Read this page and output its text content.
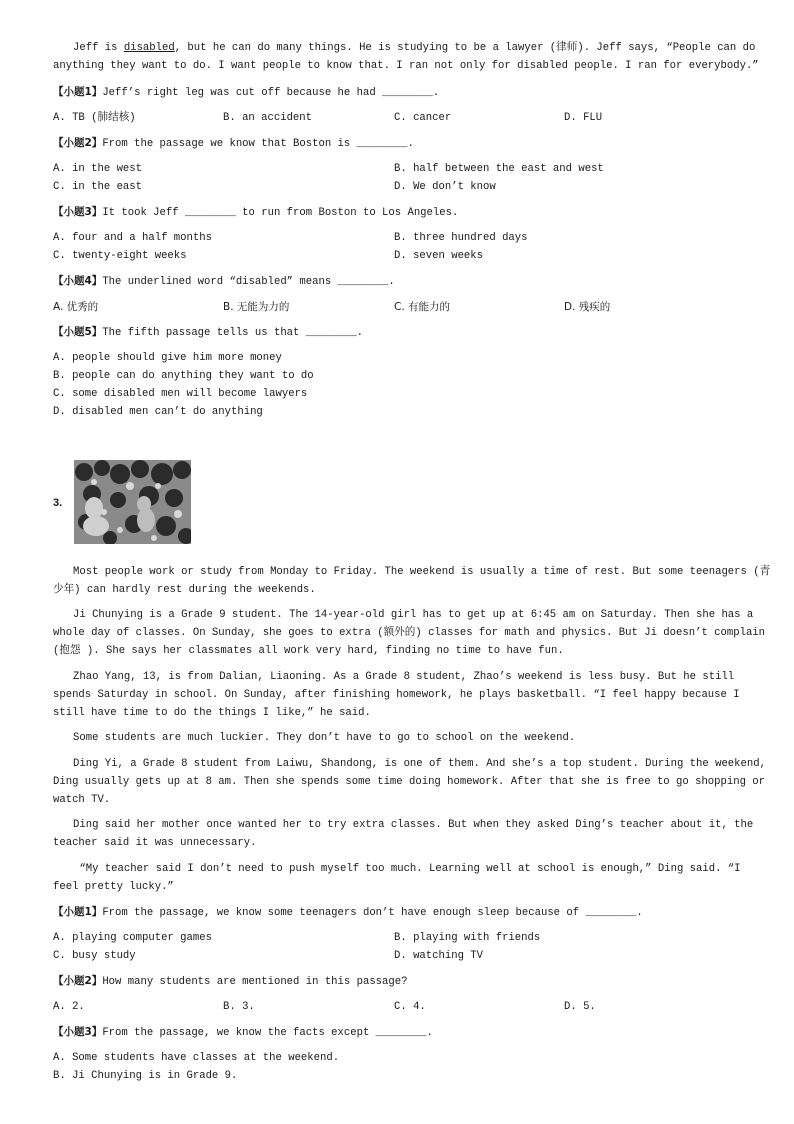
Jeff is disabled, but he can do many things. He is studying to be a lawyer (律师). Jeff says, “People can do
anything they want to do. I want people to know that. I ran not only for disabled people. I ran for everybody.”
【小题1】Jeff’s right leg was cut off because he had ________.
A. TB (肺结核)	B. an accident	C. cancer	D. FLU
【小题2】From the passage we know that Boston is ________.
A. in the west	B. half between the east and west
C. in the east	D. We don’t know
【小题3】It took Jeff ________ to run from Boston to Los Angeles.
A. four and a half months	B. three hundred days
C. twenty-eight weeks	D. seven weeks
【小题4】The underlined word “disabled” means ________.
A. 优秀的	B. 无能为力的	C. 有能力的	D. 残疾的
【小题5】The fifth passage tells us that ________.
A. people should give him more money
B. people can do anything they want to do
C. some disabled men will become lawyers
D. disabled men can’t do anything
3.
Most people work or study from Monday to Friday. The weekend is usually a time of rest. But some teenagers (青
少年) can hardly rest during the weekends.
Ji Chunying is a Grade 9 student. The 14-year-old girl has to get up at 6:45 am on Saturday. Then she has a
whole day of classes. On Sunday, she goes to extra (额外的) classes for math and physics. But Ji doesn’t complain
(抱怨 ). She says her classmates all work very hard, finding no time to have fun.
Zhao Yang, 13, is from Dalian, Liaoning. As a Grade 8 student, Zhao’s weekend is less busy. But he still
spends Saturday in school. On Sunday, after finishing homework, he plays basketball. “I feel happy because I
still have time to do the things I like,” he said.
Some students are much luckier. They don’t have to go to school on the weekend.
Ding Yi, a Grade 8 student from Laiwu, Shandong, is one of them. And she’s a top student. During the weekend,
Ding usually gets up at 8 am. Then she spends some time doing homework. After that she is free to go shopping or
watch TV.
Ding said her mother once wanted her to try extra classes. But when they asked Ding’s teacher about it, the
teacher said it was unnecessary.
“My teacher said I don’t need to push myself too much. Learning well at school is enough,” Ding said. “I
feel pretty lucky.”
【小题1】From the passage, we know some teenagers don’t have enough sleep because of ________.
A. playing computer games	B. playing with friends
C. busy study	D. watching TV
【小题2】How many students are mentioned in this passage?
A. 2.	B. 3.	C. 4.	D. 5.
【小题3】From the passage, we know the facts except ________.
A. Some students have classes at the weekend.
B. Ji Chunying is in Grade 9.
